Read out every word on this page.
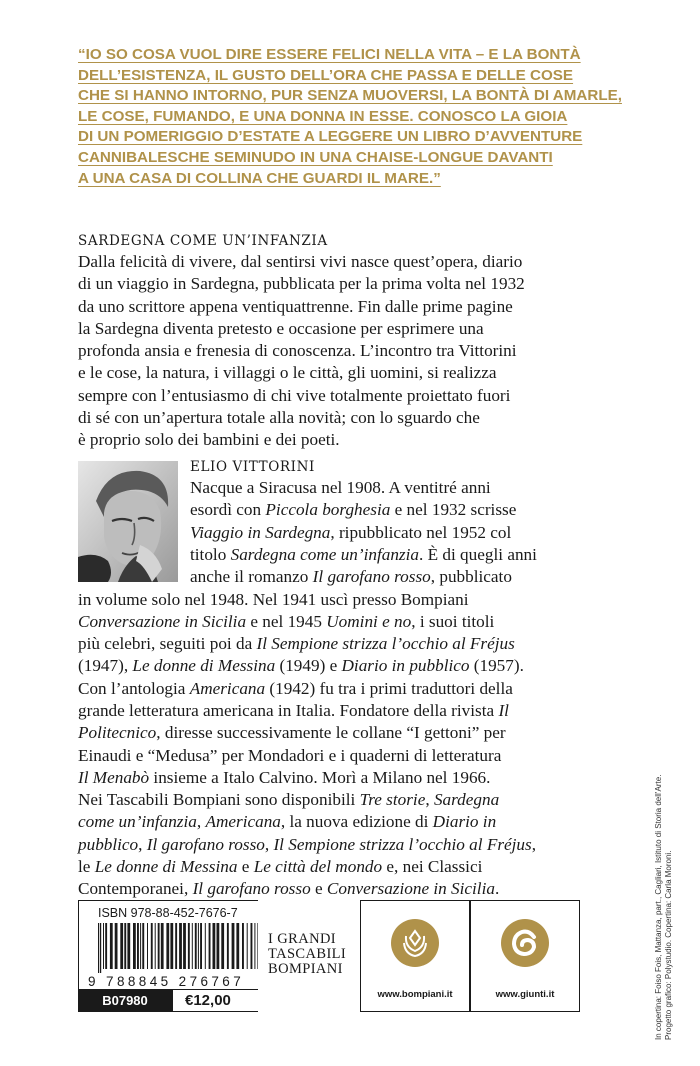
“IO SO COSA VUOL DIRE ESSERE FELICI NELLA VITA – E LA BONTÀ
DELL’ESISTENZA, IL GUSTO DELL’ORA CHE PASSA E DELLE COSE
CHE SI HANNO INTORNO, PUR SENZA MUOVERSI, LA BONTÀ DI AMARLE,
LE COSE, FUMANDO, E UNA DONNA IN ESSE. CONOSCO LA GIOIA
DI UN POMERIGGIO D’ESTATE A LEGGERE UN LIBRO D’AVVENTURE
CANNIBALESCHE SEMINUDO IN UNA CHAISE-LONGUE DAVANTI
A UNA CASA DI COLLINA CHE GUARDI IL MARE.”
SARDEGNA COME UN’INFANZIA
Dalla felicità di vivere, dal sentirsi vivi nasce quest’opera, diario
di un viaggio in Sardegna, pubblicata per la prima volta nel 1932
da uno scrittore appena ventiquattrenne. Fin dalle prime pagine
la Sardegna diventa pretesto e occasione per esprimere una
profonda ansia e frenesia di conoscenza. L’incontro tra Vittorini
e le cose, la natura, i villaggi o le città, gli uomini, si realizza
sempre con l’entusiasmo di chi vive totalmente proiettato fuori
di sé con un’apertura totale alla novità; con lo sguardo che
è proprio solo dei bambini e dei poeti.
ELIO VITTORINI
Nacque a Siracusa nel 1908. A ventitré anni
esordì con Piccola borghesia e nel 1932 scrisse
Viaggio in Sardegna, ripubblicato nel 1952 col
titolo Sardegna come un’infanzia. È di quegli anni
anche il romanzo Il garofano rosso, pubblicato
in volume solo nel 1948. Nel 1941 uscì presso Bompiani
Conversazione in Sicilia e nel 1945 Uomini e no, i suoi titoli
più celebri, seguiti poi da Il Sempione strizza l’occhio al Fréjus
(1947), Le donne di Messina (1949) e Diario in pubblico (1957).
Con l’antologia Americana (1942) fu tra i primi traduttori della
grande letteratura americana in Italia. Fondatore della rivista Il
Politecnico, diresse successivamente le collane “I gettoni” per
Einaudi e “Medusa” per Mondadori e i quaderni di letteratura
Il Menabò insieme a Italo Calvino. Morì a Milano nel 1966.
Nei Tascabili Bompiani sono disponibili Tre storie, Sardegna
come un’infanzia, Americana, la nuova edizione di Diario in
pubblico, Il garofano rosso, Il Sempione strizza l’occhio al Fréjus,
le Le donne di Messina e Le città del mondo e, nei Classici
Contemporanei, Il garofano rosso e Conversazione in Sicilia.
ISBN 978-88-452-7676-7
9 788845 276767
B07980	€12,00
I GRANDI
TASCABILI
BOMPIANI
www.bompiani.it	www.giunti.it	In copertina: Foiso Fois, Mattanza, part., Cagliari, Istituto di Storia dell’Arte. Progetto grafico: Polystudio. Copertina: Carla Moroni.
